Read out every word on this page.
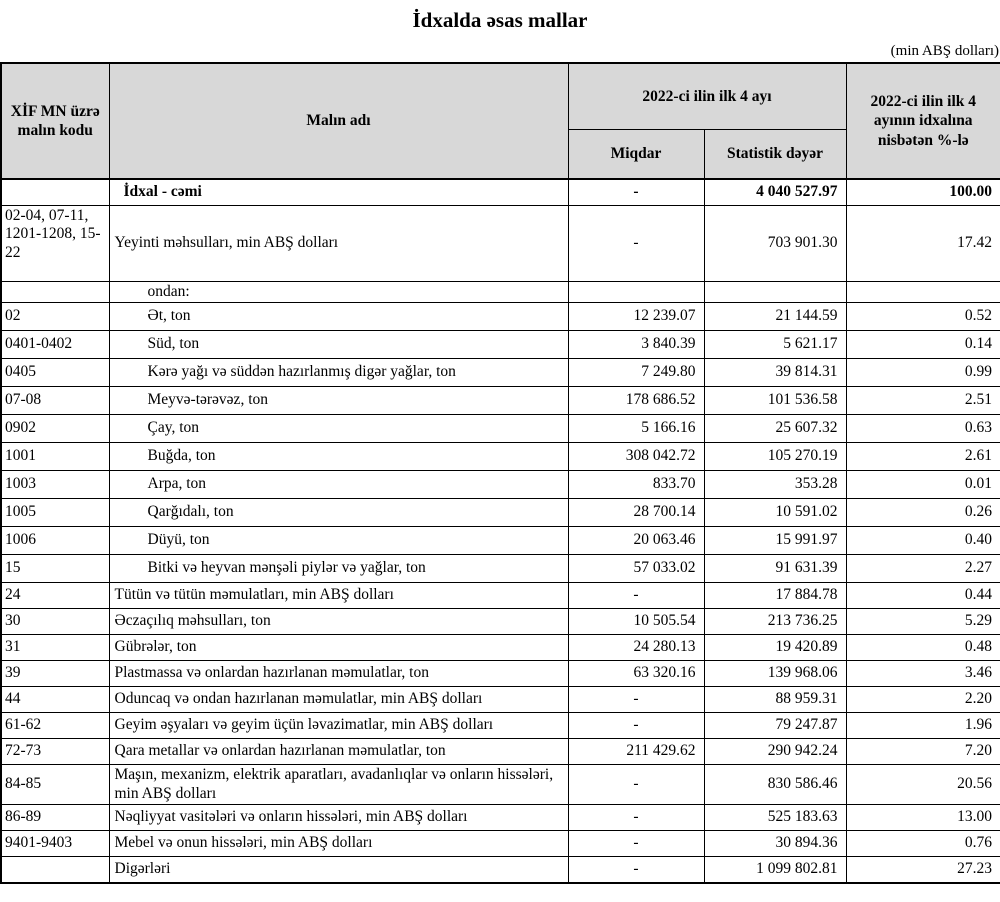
İdxalda əsas mallar
(min ABŞ dolları)
XİF MN üzrə malın kodu	Malın adı	2022-ci ilin ilk 4 ayı		2022-ci ilin ilk 4 ayının idxalına nisbətən %-lə
		Miqdar	Statistik dəyər	
	İdxal - cəmi	-	4 040 527.97	100.00
02-04, 07-11, 1201-1208, 15-22	Yeyinti məhsulları, min ABŞ dolları	-	703 901.30	17.42
	ondan:			
02	Ət, ton	12 239.07	21 144.59	0.52
0401-0402	Süd, ton	3 840.39	5 621.17	0.14
0405	Kərə yağı və süddən hazırlanmış digər yağlar, ton	7 249.80	39 814.31	0.99
07-08	Meyvə-tərəvəz, ton	178 686.52	101 536.58	2.51
0902	Çay, ton	5 166.16	25 607.32	0.63
1001	Buğda, ton	308 042.72	105 270.19	2.61
1003	Arpa, ton	833.70	353.28	0.01
1005	Qarğıdalı, ton	28 700.14	10 591.02	0.26
1006	Düyü, ton	20 063.46	15 991.97	0.40
15	Bitki və heyvan mənşəli piylər və yağlar, ton	57 033.02	91 631.39	2.27
24	Tütün və tütün məmulatları, min ABŞ dolları	-	17 884.78	0.44
30	Əczaçılıq məhsulları, ton	10 505.54	213 736.25	5.29
31	Gübrələr, ton	24 280.13	19 420.89	0.48
39	Plastmassa və onlardan hazırlanan məmulatlar, ton	63 320.16	139 968.06	3.46
44	Oduncaq və ondan hazırlanan məmulatlar, min ABŞ dolları	-	88 959.31	2.20
61-62	Geyim əşyaları və geyim üçün ləvazimatlar, min ABŞ dolları	-	79 247.87	1.96
72-73	Qara metallar və onlardan hazırlanan məmulatlar, ton	211 429.62	290 942.24	7.20
84-85	Maşın, mexanizm, elektrik aparatları, avadanlıqlar və onların hissələri, min ABŞ dolları	-	830 586.46	20.56
86-89	Nəqliyyat vasitələri və onların hissələri, min ABŞ dolları	-	525 183.63	13.00
9401-9403	Mebel və onun hissələri, min ABŞ dolları	-	30 894.36	0.76
	Digərləri	-	1 099 802.81	27.23
